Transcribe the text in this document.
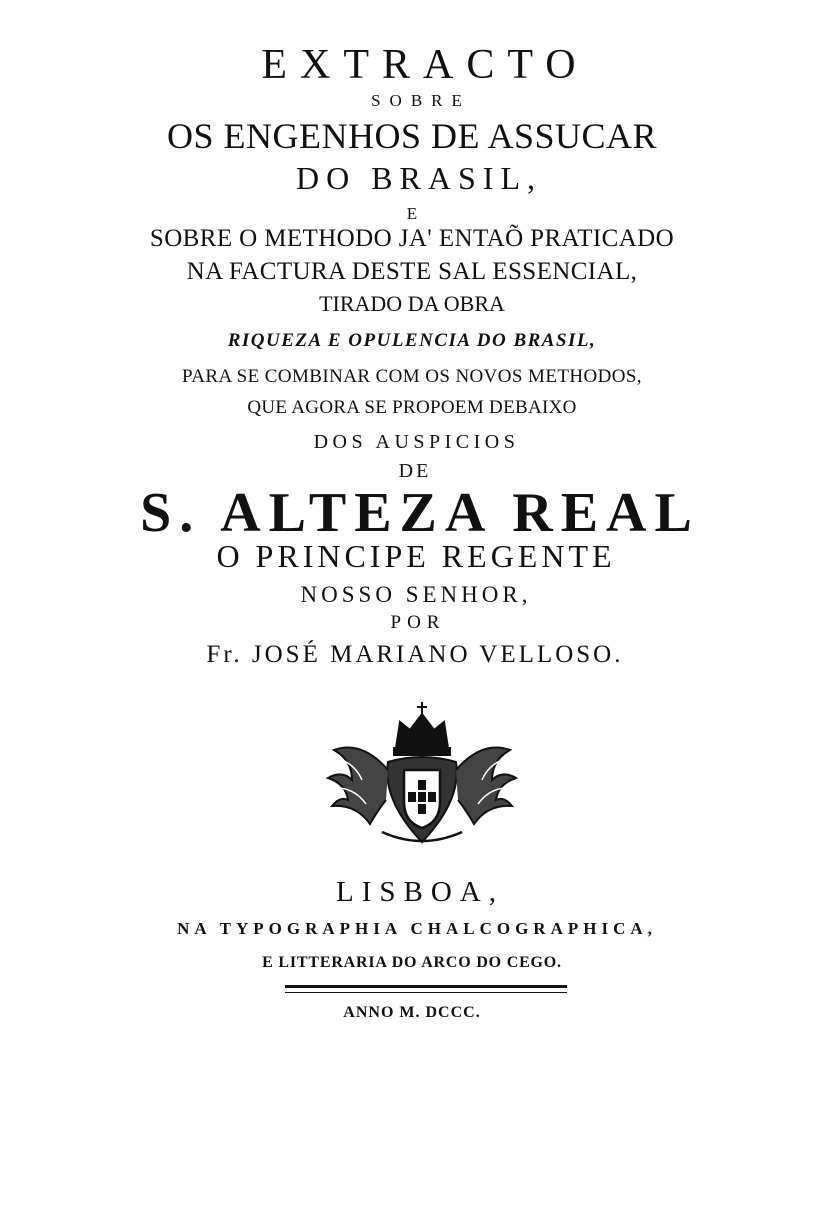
EXTRACTO
SOBRE
OS ENGENHOS DE ASSUCAR
DO BRASIL,
E
SOBRE O METHODO JA' ENTAÕ PRATICADO
NA FACTURA DESTE SAL ESSENCIAL,
TIRADO DA OBRA
RIQUEZA E OPULENCIA DO BRASIL,
PARA SE COMBINAR COM OS NOVOS METHODOS,
QUE AGORA SE PROPOEM DEBAIXO
DOS AUSPICIOS
DE
S. ALTEZA REAL
O PRINCIPE REGENTE
NOSSO SENHOR,
POR
Fr. JOSÉ MARIANO VELLOSO.
LISBOA,
NA TYPOGRAPHIA CHALCOGRAPHICA,
E LITTERARIA DO ARCO DO CEGO.
ANNO M. DCCC.
